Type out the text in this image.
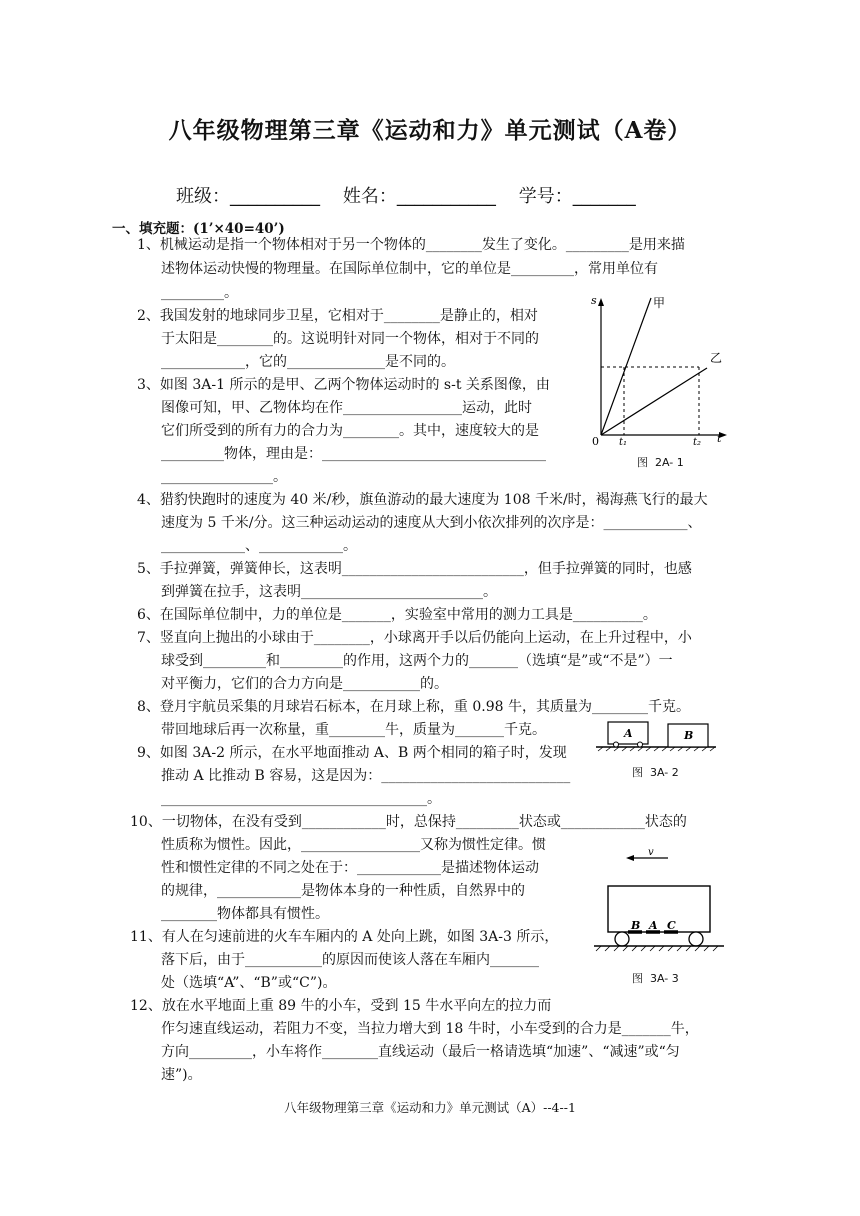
八年级物理第三章《运动和力》单元测试（A卷）
班级：__________    姓名：___________    学号：_______
一、填充题：(1’×40=40’)
1、机械运动是指一个物体相对于另一个物体的________发生了变化。_________是用来描
述物体运动快慢的物理量。在国际单位制中，它的单位是_________，常用单位有
_________。
2、我国发射的地球同步卫星，它相对于________是静止的，相对
于太阳是________的。这说明针对同一个物体，相对于不同的
____________，它的______________是不同的。
3、如图 3A-1 所示的是甲、乙两个物体运动时的 s-t 关系图像，由
图像可知，甲、乙物体均在作_________________运动，此时
它们所受到的所有力的合力为________。其中，速度较大的是
_________物体，理由是：________________________________
________________。
4、猎豹快跑时的速度为 40 米/秒，旗鱼游动的最大速度为 108 千米/时，褐海燕飞行的最大
速度为 5 千米/分。这三种运动运动的速度从大到小依次排列的次序是：____________、
____________、____________。
5、手拉弹簧，弹簧伸长，这表明__________________________，但手拉弹簧的同时，也感
到弹簧在拉手，这表明__________________________。
6、在国际单位制中，力的单位是_______，实验室中常用的测力工具是__________。
7、竖直向上抛出的小球由于________，小球离开手以后仍能向上运动，在上升过程中，小
球受到_________和_________的作用，这两个力的_______（选填“是”或“不是”）一
对平衡力，它们的合力方向是___________的。
8、登月宇航员采集的月球岩石标本，在月球上称，重 0.98 牛，其质量为________千克。
带回地球后再一次称量，重________牛，质量为_______千克。
9、如图 3A-2 所示，在水平地面推动 A、B 两个相同的箱子时，发现
推动 A 比推动 B 容易，这是因为：___________________________
______________________________________。
10、一切物体，在没有受到____________时，总保持_________状态或____________状态的
性质称为惯性。因此，_________________又称为惯性定律。惯
性和惯性定律的不同之处在于：____________是描述物体运动
的规律，____________是物体本身的一种性质，自然界中的
________物体都具有惯性。
11、有人在匀速前进的火车车厢内的 A 处向上跳，如图 3A-3 所示，
落下后，由于___________的原因而使该人落在车厢内_______
处（选填“A”、“B”或“C”)。
12、放在水平地面上重 89 牛的小车，受到 15 牛水平向左的拉力而
作匀速直线运动，若阻力不变，当拉力增大到 18 牛时，小车受到的合力是_______牛，
方向_________，小车将作________直线运动（最后一格请选填“加速”、“减速”或“匀
速”)。
s
t
0
甲
乙
t₁	t₂
图  2A- 1
A	B
图  3A- 2
v
B A C
图  3A- 3
八年级物理第三章《运动和力》单元测试（A）--4--1
